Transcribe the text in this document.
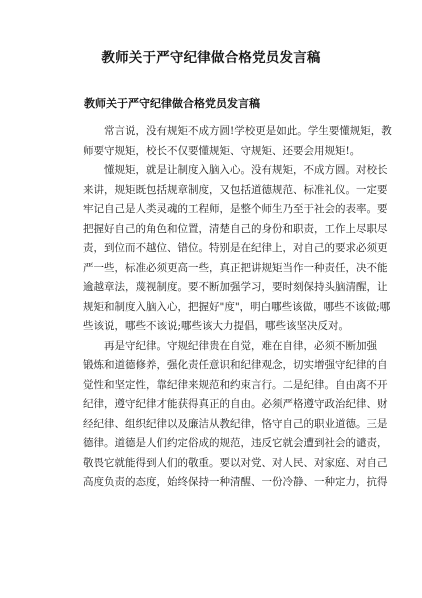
教师关于严守纪律做合格党员发言稿
教师关于严守纪律做合格党员发言稿
常言说，没有规矩不成方圆!学校更是如此。学生要懂规矩，教
师要守规矩，校长不仅要懂规矩、守规矩、还要会用规矩!。
懂规矩，就是让制度入脑入心。没有规矩，不成方圆。对校长
来讲，规矩既包括规章制度，又包括道德规范、标准礼仪。一定要
牢记自己是人类灵魂的工程师，是整个师生乃至于社会的表率。要
把握好自己的角色和位置，清楚自己的身份和职责，工作上尽职尽
责，到位而不越位、错位。特别是在纪律上，对自己的要求必须更
严一些，标准必须更高一些，真正把讲规矩当作一种责任，决不能
逾越章法，蔑视制度。要不断加强学习，要时刻保持头脑清醒，让
规矩和制度入脑入心，把握好"度"，明白哪些该做，哪些不该做;哪
些该说，哪些不该说;哪些该大力提倡，哪些该坚决反对。
再是守纪律。守规纪律贵在自觉，难在自律，必须不断加强
锻炼和道德修养，强化责任意识和纪律观念，切实增强守纪律的自
觉性和坚定性，靠纪律来规范和约束言行。二是纪律。自由离不开
纪律，遵守纪律才能获得真正的自由。必须严格遵守政治纪律、财
经纪律、组织纪律以及廉洁从教纪律，恪守自己的职业道德。三是
德律。道德是人们约定俗成的规范，违反它就会遭到社会的谴责，
敬畏它就能得到人们的敬重。要以对党、对人民、对家庭、对自己
高度负责的态度，始终保持一种清醒、一份冷静、一种定力，抗得
